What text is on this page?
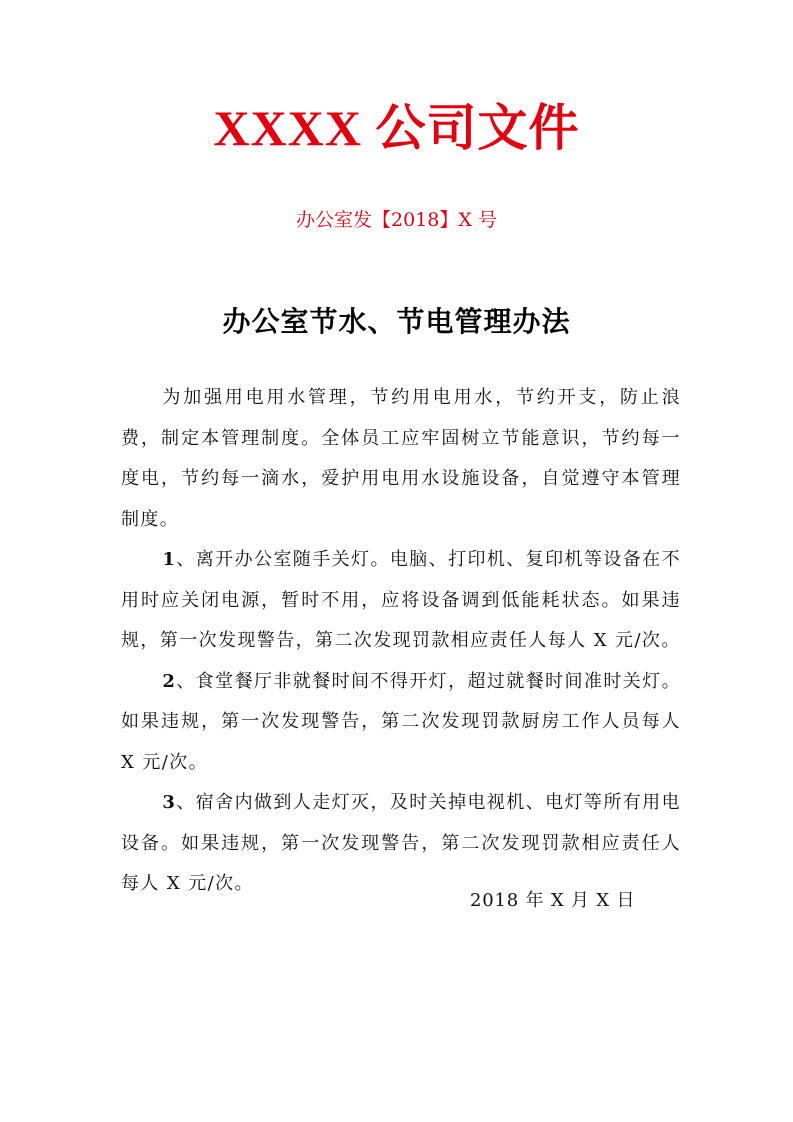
XXXX 公司文件
办公室发【2018】X 号
办公室节水、节电管理办法

为加强用电用水管理，节约用电用水，节约开支，防止浪费，制定本管理制度。全体员工应牢固树立节能意识，节约每一度电，节约每一滴水，爱护用电用水设施设备，自觉遵守本管理制度。

1、离开办公室随手关灯。电脑、打印机、复印机等设备在不用时应关闭电源，暂时不用，应将设备调到低能耗状态。如果违规，第一次发现警告，第二次发现罚款相应责任人每人 X 元/次。

2、食堂餐厅非就餐时间不得开灯，超过就餐时间准时关灯。如果违规，第一次发现警告，第二次发现罚款厨房工作人员每人 X 元/次。

3、宿舍内做到人走灯灭，及时关掉电视机、电灯等所有用电设备。如果违规，第一次发现警告，第二次发现罚款相应责任人每人 X 元/次。

2018 年 X 月 X 日
